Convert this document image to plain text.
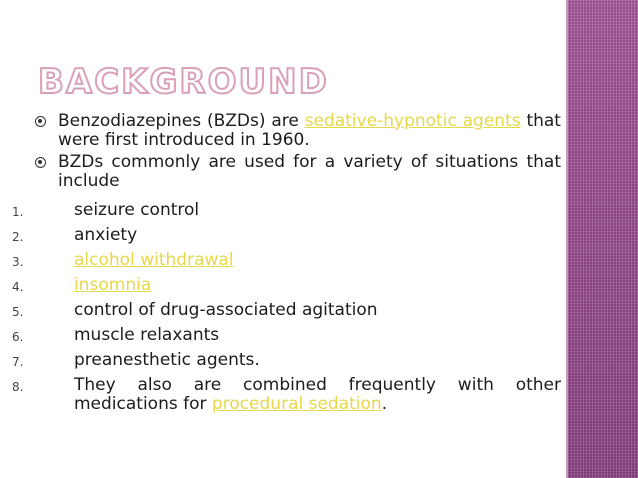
BACKGROUND
Benzodiazepines (BZDs) are sedative-hypnotic agents that were first introduced in 1960.
BZDs commonly are used for a variety of situations that include
1.	seizure control
2.	anxiety
3.	alcohol withdrawal
4.	insomnia
5.	control of drug-associated agitation
6.	muscle relaxants
7.	preanesthetic agents.
8.	They also are combined frequently with other medications for procedural sedation.
